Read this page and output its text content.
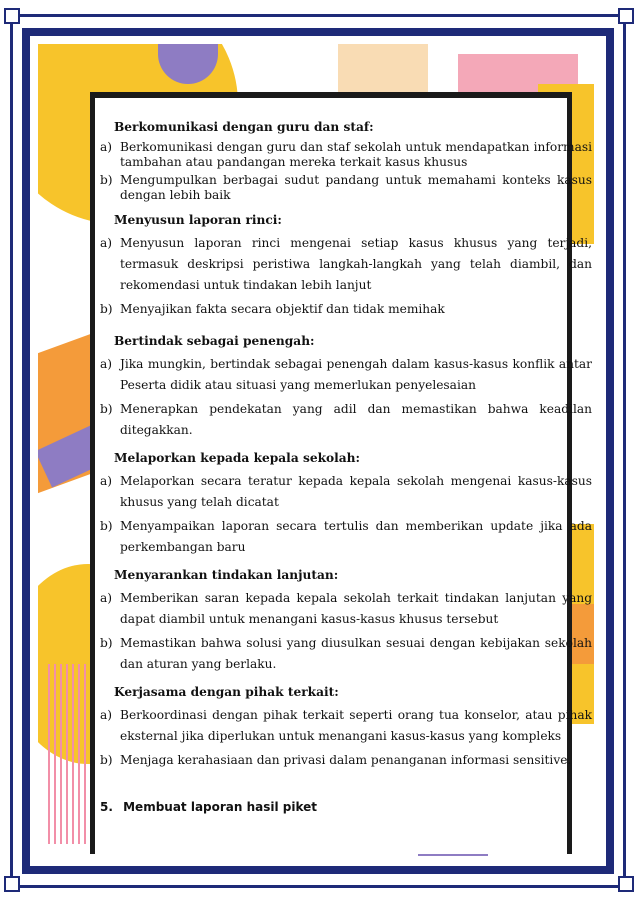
Berkomunikasi dengan guru dan staf:
a) Berkomunikasi dengan guru dan staf sekolah untuk mendapatkan informasi tambahan atau pandangan mereka terkait kasus khusus
b) Mengumpulkan berbagai sudut pandang untuk memahami konteks kasus dengan lebih baik
Menyusun laporan rinci:
a) Menyusun laporan rinci mengenai setiap kasus khusus yang terjadi, termasuk deskripsi peristiwa langkah-langkah yang telah diambil, dan rekomendasi untuk tindakan lebih lanjut
b) Menyajikan fakta secara objektif dan tidak memihak
Bertindak sebagai penengah:
a) Jika mungkin, bertindak sebagai penengah dalam kasus-kasus konflik antar Peserta didik atau situasi yang memerlukan penyelesaian
b) Menerapkan pendekatan yang adil dan memastikan bahwa keadilan ditegakkan.
Melaporkan kepada kepala sekolah:
a) Melaporkan secara teratur kepada kepala sekolah mengenai kasus-kasus khusus yang telah dicatat
b) Menyampaikan laporan secara tertulis dan memberikan update jika ada perkembangan baru
Menyarankan tindakan lanjutan:
a) Memberikan saran kepada kepala sekolah terkait tindakan lanjutan yang dapat diambil untuk menangani kasus-kasus khusus tersebut
b) Memastikan bahwa solusi yang diusulkan sesuai dengan kebijakan sekolah dan aturan yang berlaku.
Kerjasama dengan pihak terkait:
a) Berkoordinasi dengan pihak terkait seperti orang tua konselor, atau pihak eksternal jika diperlukan untuk menangani kasus-kasus yang kompleks
b) Menjaga kerahasiaan dan privasi dalam penanganan informasi sensitive.
5. Membuat laporan hasil piket
